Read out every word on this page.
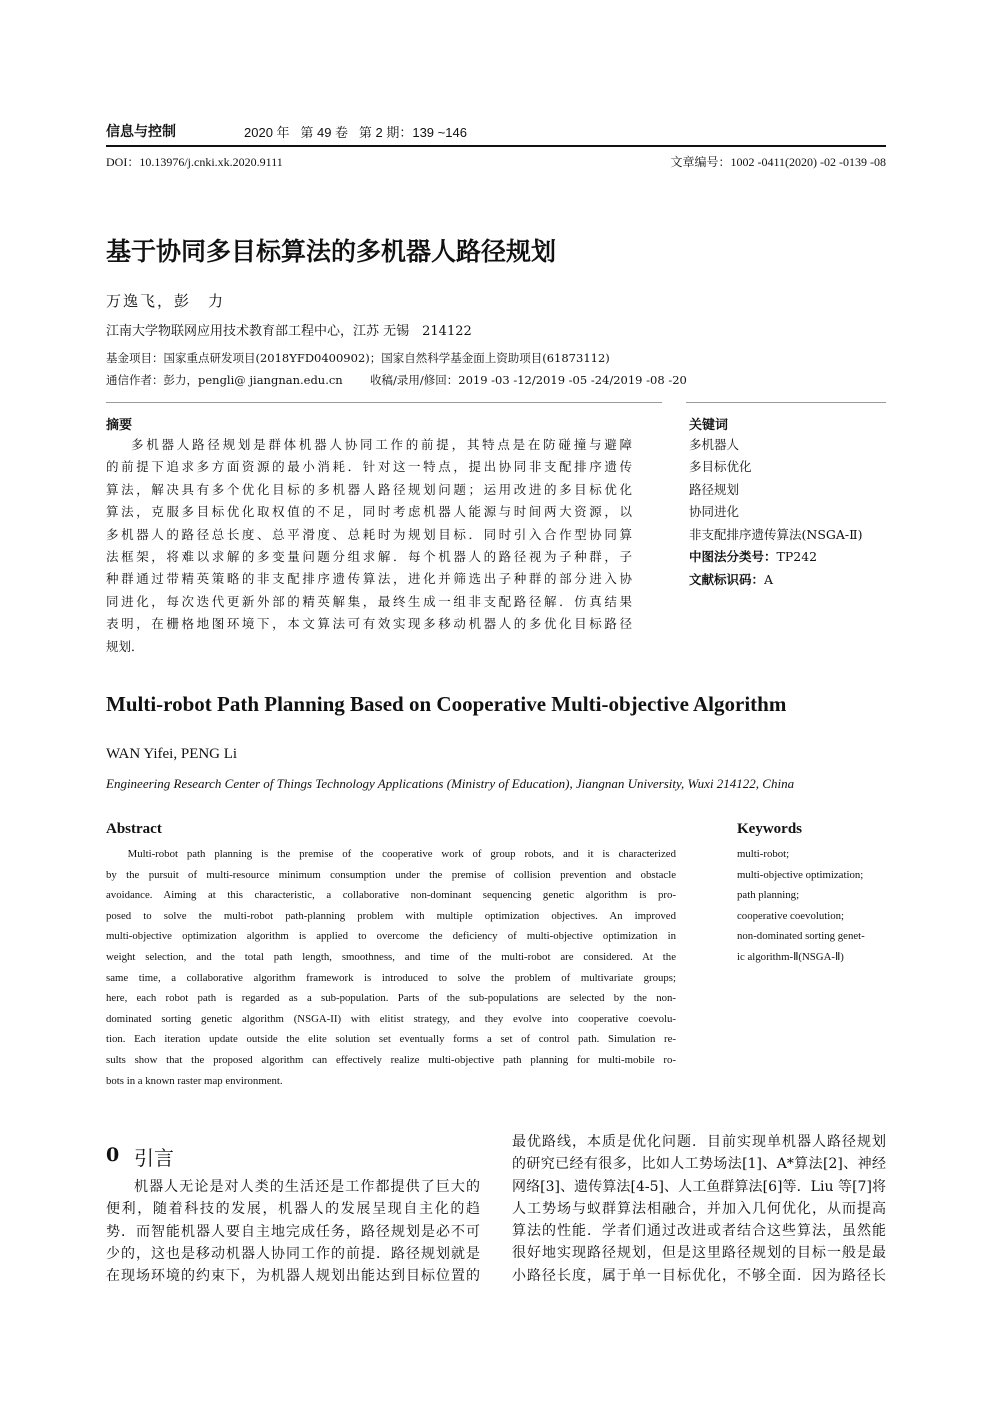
信息与控制	2020 年   第 49 卷   第 2 期：139 ~146
DOI：10.13976/j.cnki.xk.2020.9111	文章编号：1002 -0411(2020) -02 -0139 -08
基于协同多目标算法的多机器人路径规划
万逸飞，彭　力
江南大学物联网应用技术教育部工程中心，江苏 无锡　214122
基金项目：国家重点研发项目(2018YFD0400902)；国家自然科学基金面上资助项目(61873112)
通信作者：彭力，pengli@ jiangnan.edu.cn 收稿/录用/修回：2019 -03 -12/2019 -05 -24/2019 -08 -20
摘要
多机器人路径规划是群体机器人协同工作的前提，其特点是在防碰撞与避障
的前提下追求多方面资源的最小消耗．针对这一特点，提出协同非支配排序遗传
算法，解决具有多个优化目标的多机器人路径规划问题；运用改进的多目标优化
算法，克服多目标优化取权值的不足，同时考虑机器人能源与时间两大资源，以
多机器人的路径总长度、总平滑度、总耗时为规划目标．同时引入合作型协同算
法框架，将难以求解的多变量问题分组求解．每个机器人的路径视为子种群，子
种群通过带精英策略的非支配排序遗传算法，进化并筛选出子种群的部分进入协
同进化，每次迭代更新外部的精英解集，最终生成一组非支配路径解．仿真结果
表明，在栅格地图环境下，本文算法可有效实现多移动机器人的多优化目标路径
规划．
关键词
多机器人
多目标优化
路径规划
协同进化
非支配排序遗传算法(NSGA-Ⅱ)
中图法分类号：TP242
文献标识码：A
Multi-robot Path Planning Based on Cooperative Multi-objective Algorithm
WAN Yifei, PENG Li
Engineering Research Center of Things Technology Applications (Ministry of Education), Jiangnan University, Wuxi 214122, China
Abstract
Multi-robot path planning is the premise of the cooperative work of group robots, and it is characterized
by the pursuit of multi-resource minimum consumption under the premise of collision prevention and obstacle
avoidance. Aiming at this characteristic, a collaborative non-dominant sequencing genetic algorithm is pro-
posed to solve the multi-robot path-planning problem with multiple optimization objectives. An improved
multi-objective optimization algorithm is applied to overcome the deficiency of multi-objective optimization in
weight selection, and the total path length, smoothness, and time of the multi-robot are considered. At the
same time, a collaborative algorithm framework is introduced to solve the problem of multivariate groups;
here, each robot path is regarded as a sub-population. Parts of the sub-populations are selected by the non-
dominated sorting genetic algorithm (NSGA-II) with elitist strategy, and they evolve into cooperative coevolu-
tion. Each iteration update outside the elite solution set eventually forms a set of control path. Simulation re-
sults show that the proposed algorithm can effectively realize multi-objective path planning for multi-mobile ro-
bots in a known raster map environment.
Keywords
multi-robot;
multi-objective optimization;
path planning;
cooperative coevolution;
non-dominated sorting genet-
ic algorithm-Ⅱ(NSGA-Ⅱ)
0 引言
机器人无论是对人类的生活还是工作都提供了巨大的
便利，随着科技的发展，机器人的发展呈现自主化的趋
势．而智能机器人要自主地完成任务，路径规划是必不可
少的，这也是移动机器人协同工作的前提．路径规划就是
在现场环境的约束下，为机器人规划出能达到目标位置的
最优路线，本质是优化问题．目前实现单机器人路径规划
的研究已经有很多，比如人工势场法[1]、A*算法[2]、神经
网络[3]、遗传算法[4-5]、人工鱼群算法[6]等．Liu 等[7]将
人工势场与蚁群算法相融合，并加入几何优化，从而提高
算法的性能．学者们通过改进或者结合这些算法，虽然能
很好地实现路径规划，但是这里路径规划的目标一般是最
小路径长度，属于单一目标优化，不够全面．因为路径长
